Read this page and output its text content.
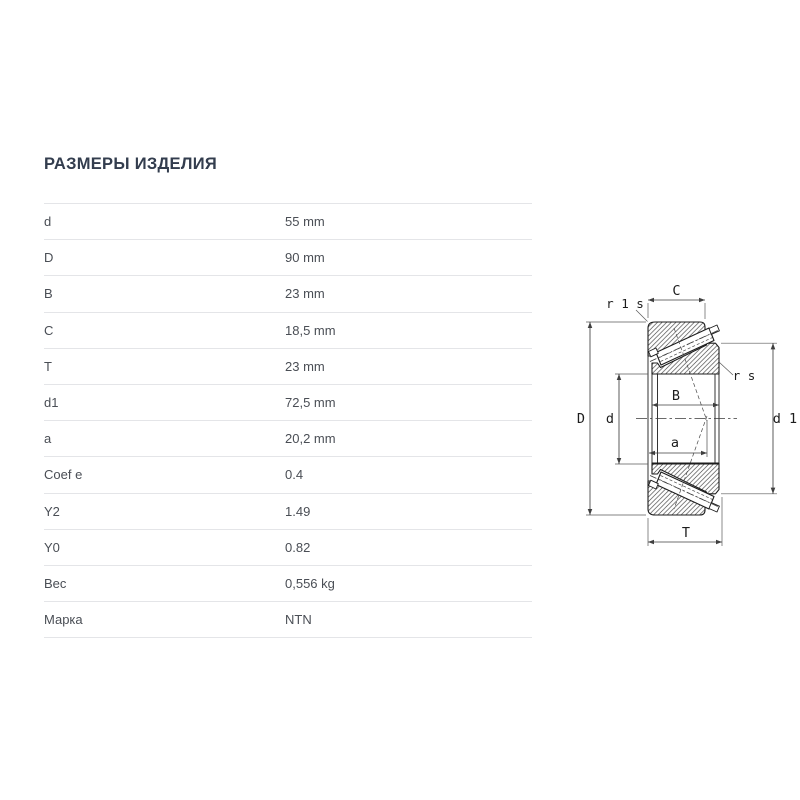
РАЗМЕРЫ ИЗДЕЛИЯ
d	55 mm
D	90 mm
B	23 mm
C	18,5 mm
T	23 mm
d1	72,5 mm
a	20,2 mm
Coef e	0.4
Y2	1.49
Y0	0.82
Вес	0,556 kg
Марка	NTN
C
r 1 s
r s
B
a
d
D	d 1
T
